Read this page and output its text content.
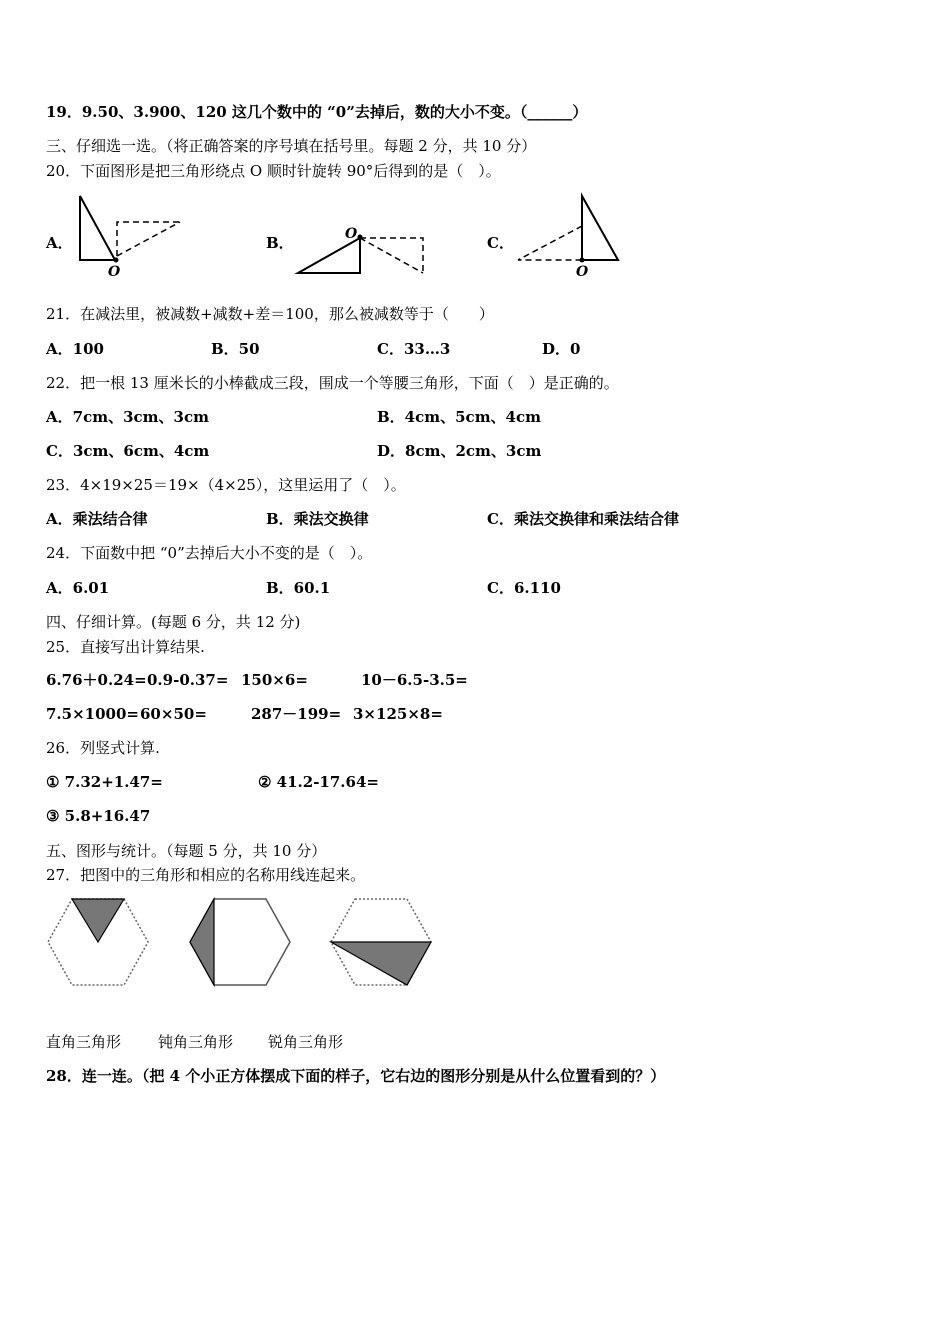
19．9.50、3.900、120 这几个数中的 “0”去掉后，数的大小不变。（______）
三、仔细选一选。（将正确答案的序号填在括号里。每题 2 分，共 10 分）
20．下面图形是把三角形绕点 O 顺时针旋转 90°后得到的是（　）。
A．
O
B．	O	C．
O
21．在减法里，被减数+减数+差＝100，那么被减数等于（　　）
A．100	B．50	C．33…3	D．0
22．把一根 13 厘米长的小棒截成三段，围成一个等腰三角形，下面（　）是正确的。
A．7cm、3cm、3cm	B．4cm、5cm、4cm
C．3cm、6cm、4cm	D．8cm、2cm、3cm
23．4×19×25＝19×（4×25），这里运用了（　）。
A．乘法结合律	B．乘法交换律	C．乘法交换律和乘法结合律
24．下面数中把 “0”去掉后大小不变的是（　）。
A．6.01	B．60.1	C．6.110
四、仔细计算。(每题 6 分，共 12 分)
25．直接写出计算结果.
6.76＋0.24= 0.9-0.37= 150×6=	10－6.5-3.5=
7.5×1000= 60×50=	287－199= 3×125×8=
26．列竖式计算.
① 7.32+1.47=	② 41.2-17.64=
③ 5.8+16.47
五、图形与统计。（每题 5 分，共 10 分）
27．把图中的三角形和相应的名称用线连起来。
直角三角形 钝角三角形 锐角三角形
28．连一连。（把 4 个小正方体摆成下面的样子，它右边的图形分别是从什么位置看到的？）
